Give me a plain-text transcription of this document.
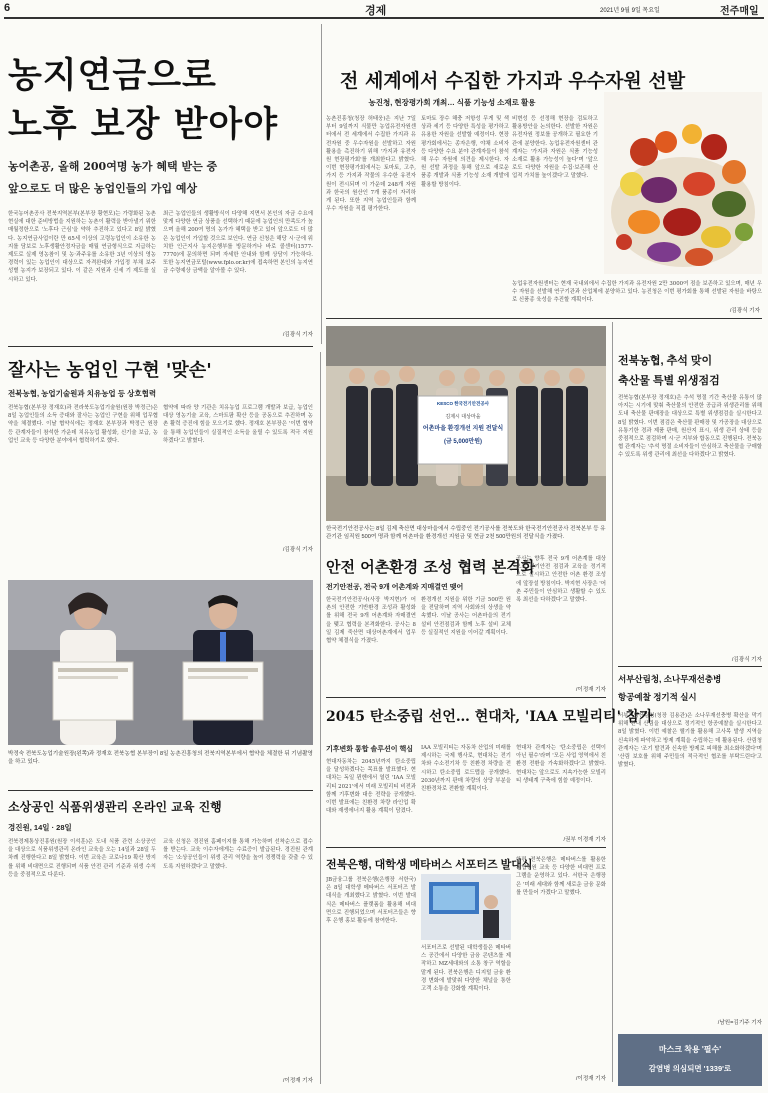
6	경제	2021년 9월 9일 목요일	전주매일
농지연금으로
노후 보장 받아야
농어촌공, 올해 200여명 농가 혜택 받는 중
앞으로도 더 많은 농업인들의 가입 예상
한국농어촌공사 전북지역본부(본부장 황현모)는 가령화된 농촌현실에 대한 준비방법을 지원하는 농촌이 활력을 받아낼기 위한 매월정한으로 '노후다 근심'을 약하 추진하고 있다고 8일 밝혔다. 농지연금사업이란 만 65세 이상의 고령농업인이 소유한 농지를 담보로 노후생활안정자금을 매월 연금형식으로 지급하는 제도로 실제 영농참이 및 농·과주유를 소유한 3년 이상의 영농경력이 있는 농업인이 대상으로 자격완대와 가입정 부채 보주 성별 농지가 보장되고 있다. 이 같은 지원과 신세 기 제도를 실시하고 있다.
최근 농업인들의 생활방식이 다양해 지면서 본인의 자금 수요에 맞게 다양한 연금 상품을 선택하기 때문에 농업인의 만족도가 높으며 올해 200여 명의 농가가 혜택을 받고 있어 앞으로도 더 많은 농업인이 가입할 것으로 보인다. 연금 신청은 해당 시·군에 위치한 인근지사 농지은행부를 방문하거나 바로 콜센터(1577-7770)에 문의하면 되며 자세한 안내와 함께 상담이 가능하다. 또한 농지연금포털(www.fplo.or.kr)에 접속하면 본인의 농지연금 수령예상 금액을 알아볼 수 있다.
/김광식 기자
전 세계에서 수집한 가지과 우수자원 선발
농진청, 현장평가회 개최… 식품 기능성 소재로 활용
농촌진흥청(청장 허태웅)은 지난 7일부터 9일까지 식물만 농업유전자원센터에서 전 세계에서 수집한 가지과 유전자원 중 우수자원을 선발하고 자원 활용을 촉진하기 위해 '가지과 유전자원 현장평가회'를 개최한다고 밝혔다. 이번 현장평가회에서는 토마토, 고추, 가지 등 가지과 작물의 우수한 유전자원이 전시되며 이 가운데 248개 자원과 한국의 원산인 7개 품종이 자리하게 된다. 또한 지역 농업인들과 함께 우수 자원을 직접 평가한다.
토마토 장수 해충 저항성 무게 및 색상과 세기 등 다양한 특성을 평가하고 유용한 자원을 선발할 예정이다. 현장평가회에서는 종자은행, 야채 소비자 등 다양한 수요 분야 관계자들이 참석해 우수 자원에 의견을 제시한다. 자원 선발 과정을 통해 앞으로 새로운 품종 개발과 식품 기능성 소재 개발에 활용할 방침이다.
비변성 등 선정해 현장을 검토하고 활용방안을 논의한다. 선발한 자원은 유전자원 정보를 공개하고 필요한 기관에 분양한다. 농업유전자원센터 관계자는 '가지과 자원은 식품 기능성 소재로 활용 가능성이 높다'며 '앞으로도 다양한 자원을 수집·보존해 산업적 가치를 높이겠다'고 말했다.
농업유전자원센터는 현재 국내외에서 수집한 가지과 유전자원 2만 3000여 점을 보존하고 있으며, 매년 우수 자원을 선발해 연구기관과 산업체에 분양하고 있다. 농진청은 이번 평가회를 통해 선발된 자원을 바탕으로 신품종 육성을 추진할 계획이다.
/김광식 기자
잘사는 농업인 구현 '맞손'
전북농협, 농업기술원과 치유농업 등 상호협력
전북농협(본부장 정재호)과 전라북도농업기술원(원장 박정근)은 8일 농업인들의 소득 증대와 잘사는 농업인 구현을 위해 업무협약을 체결했다. 이날 협약식에는 정재호 본부장과 박정근 원장 등 관계자들이 참석한 가운데 치유농업 활성화, 신기술 보급, 농업인 교육 등 다양한 분야에서 협력하기로 했다.
협약에 따라 양 기관은 치유농업 프로그램 개발과 보급, 농업인 대상 영농기술 교육, 스마트팜 확산 등을 공동으로 추진하며 농촌 활력 증진에 힘을 모으기로 했다. 정재호 본부장은 '이번 협약을 통해 농업인들이 실질적인 소득을 올릴 수 있도록 적극 지원하겠다'고 밝혔다.
/김광식 기자
박정숙 전북도농업기술원장(왼쪽)과 정재호 전북농협 본부장이 8일 농촌진흥청의 전북지역본부에서 협약을 체결한 뒤 기념촬영을 하고 있다.
KESCO 한국전기안전공사
김제시 대상마을
어촌마을 환경개선 지원 전달식
(금 5,000만원)
한국전기안전공사는 8일 김제 축산면 대상마을에서 수립중인 전기공사를 전북도와 한국전기안전공사 전북본부 등 유관기관 임직원 500여 명과 함께 어촌마을 환경개선 지원금 및 현금 2천 500만원의 전달식을 가졌다.
안전 어촌환경 조성 협력 본격화
전기안전공, 전국 9개 어촌계와 지매결연 맺어
한국전기안전공사(사장 박지현)가 어촌의 안전한 기반환경 조성과 활성화를 위해 전국 9개 어촌계와 자매결연을 맺고 협력을 본격화한다. 공사는 8일 김제 죽산면 대상어촌계에서 업무협약 체결식을 가졌다.
환경개선 지원을 위한 기금 500만 원을 전달하며 지역 사회와의 상생을 약속했다. 이날 공사는 어촌마을의 전기설비 안전점검과 함께 노후 설비 교체 등 실질적인 지원을 이어갈 계획이다.
공사는 향후 전국 9개 어촌계를 대상으로 전기안전 점검과 교육을 정기적으로 실시하고 안전한 어촌 환경 조성에 앞장설 방침이다. 박지현 사장은 '어촌 주민들이 안심하고 생활할 수 있도록 최선을 다하겠다'고 말했다.
/이정재 기자
전북농협, 추석 맞이
축산물 특별 위생점검
전북농협(본부장 정재호)은 추석 명절 기간 축산물 유통이 많아지는 시기에 맞춰 축산물의 안전한 공급과 위생관리를 위해 도내 축산물 판매장을 대상으로 특별 위생점검을 실시한다고 8일 밝혔다. 이번 점검은 축산물 판매장 및 가공장을 대상으로 유통기한 경과 제품 판매, 원산지 표시, 위생 관리 상태 등을 중점적으로 점검하며 시·군 지부와 합동으로 진행된다. 전북농협 관계자는 '추석 명절 소비자들이 안심하고 축산물을 구매할 수 있도록 위생 관리에 최선을 다하겠다'고 밝혔다.
/김광식 기자
서부산림청, 소나무재선충병
항공예찰 정기적 실시
서부지방산림청(청장 김용관)은 소나무재선충병 확산을 막기 위해 관내 산림을 대상으로 정기적인 항공예찰을 실시한다고 8일 밝혔다. 이번 예찰은 헬기를 활용해 고사목 발생 지역을 신속하게 파악하고 방제 계획을 수립하는 데 활용된다. 산림청 관계자는 '조기 발견과 신속한 방제로 피해를 최소화하겠다'며 '산림 보호를 위해 주민들의 적극적인 협조를 부탁드린다'고 밝혔다.
/남원=김기주 기자
마스크 착용 '필수'
감염병 의심되면 '1339'로
2045 탄소중립 선언… 현대차, 'IAA 모빌리티' 참가
기후변화 통합 솔루션이 핵심
현대자동차는 2045년까지 탄소중립을 달성하겠다는 목표를 발표했다. 현대차는 독일 뮌헨에서 열린 'IAA 모빌리티 2021'에서 미래 모빌리티 비전과 함께 기후변화 대응 전략을 공개했다. 이번 발표에는 친환경 차량 라인업 확대와 재생에너지 활용 계획이 담겼다.
IAA 모빌리티는 자동차 산업의 미래를 제시하는 국제 행사로, 현대차는 전기차와 수소전기차 등 친환경 차량을 전시하고 탄소중립 로드맵을 공개했다. 2030년까지 판매 차량의 상당 부분을 친환경차로 전환할 계획이다.
현대차 관계자는 '탄소중립은 선택이 아닌 필수'라며 '모든 사업 영역에서 친환경 전환을 가속화하겠다'고 밝혔다. 현대차는 앞으로도 지속가능한 모빌리티 생태계 구축에 힘쓸 예정이다.
/권부 이경재 기자
전북은행, 대학생 메타버스 서포터즈 발대식
JB금융그룹 전북은행(은행장 서한국)은 8일 대학생 메타버스 서포터즈 발대식을 개최했다고 밝혔다. 이번 발대식은 메타버스 플랫폼을 활용해 비대면으로 진행되었으며 서포터즈들은 향후 은행 홍보 활동에 참여한다.
서포터즈로 선발된 대학생들은 메타버스 공간에서 다양한 금융 콘텐츠를 제작하고 MZ세대와의 소통 창구 역할을 맡게 된다. 전북은행은 디지털 금융 환경 변화에 발맞춰 다양한 채널을 통한 고객 소통을 강화할 계획이다.
한편 전북은행은 메타버스를 활용한 신입행원 교육 등 다양한 비대면 프로그램을 운영하고 있다. 서한국 은행장은 '미래 세대와 함께 새로운 금융 문화를 만들어 가겠다'고 말했다.
/이정재 기자
소상공인 식품위생관리 온라인 교육 진행
경진원, 14일 · 28일
전북경제통상진흥원(원장 이석훈)은 도내 식품 관련 소상공인을 대상으로 식품위생관리 온라인 교육을 오는 14일과 28일 두 차례 진행한다고 8일 밝혔다. 이번 교육은 코로나19 확산 방지를 위해 비대면으로 진행되며 식품 안전 관리 기준과 위생 수칙 등을 중점적으로 다룬다.
교육 신청은 경진원 홈페이지를 통해 가능하며 선착순으로 접수를 받는다. 교육 이수자에게는 수료증이 발급된다. 경진원 관계자는 '소상공인들이 위생 관리 역량을 높여 경쟁력을 갖출 수 있도록 지원하겠다'고 말했다.
/이정재 기자
